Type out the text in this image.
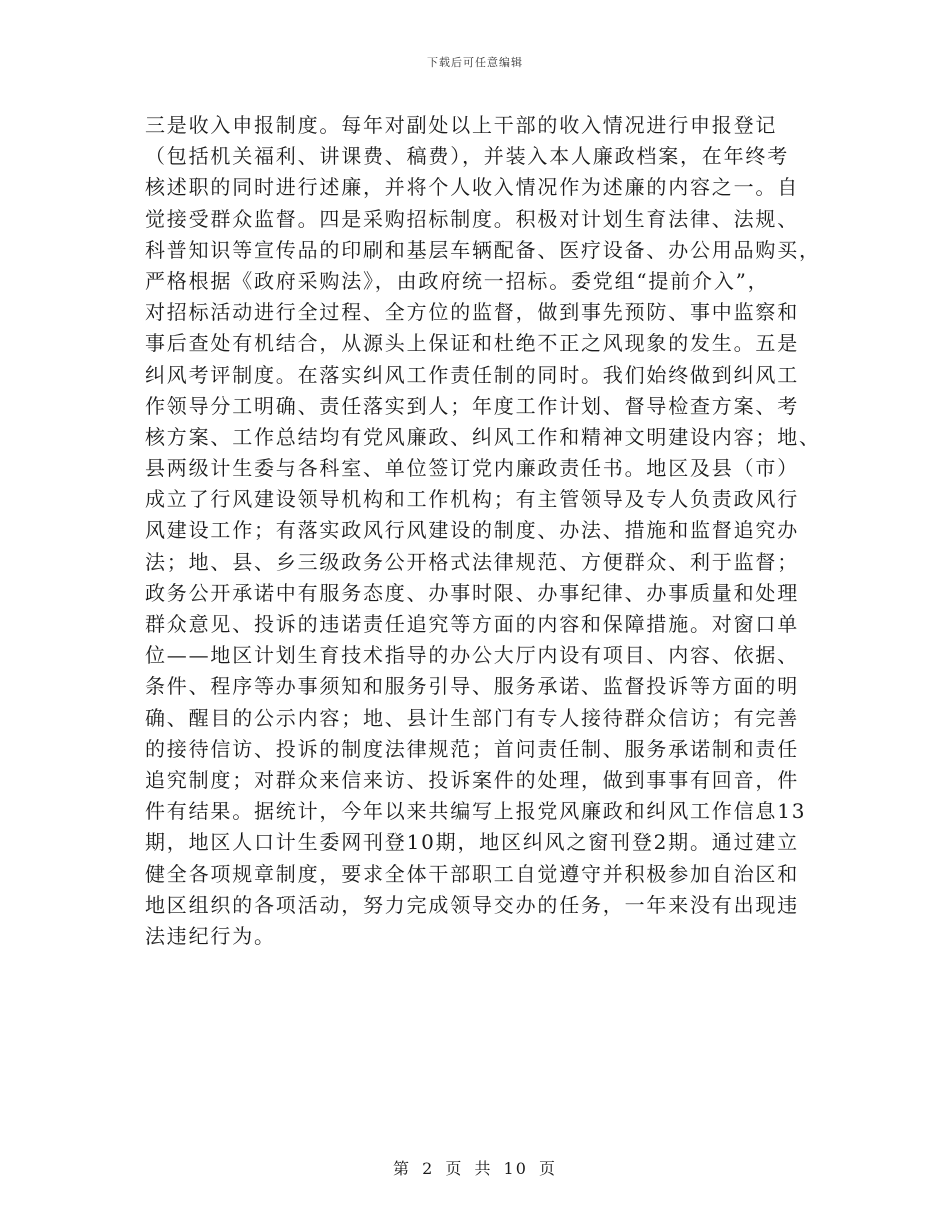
下载后可任意编辑
三是收入申报制度。每年对副处以上干部的收入情况进行申报登记
（包括机关福利、讲课费、稿费），并装入本人廉政档案，在年终考
核述职的同时进行述廉，并将个人收入情况作为述廉的内容之一。自
觉接受群众监督。四是采购招标制度。积极对计划生育法律、法规、
科普知识等宣传品的印刷和基层车辆配备、医疗设备、办公用品购买，
严格根据《政府采购法》，由政府统一招标。委党组“提前介入”，
对招标活动进行全过程、全方位的监督，做到事先预防、事中监察和
事后查处有机结合，从源头上保证和杜绝不正之风现象的发生。五是
纠风考评制度。在落实纠风工作责任制的同时。我们始终做到纠风工
作领导分工明确、责任落实到人；年度工作计划、督导检查方案、考
核方案、工作总结均有党风廉政、纠风工作和精神文明建设内容；地、
县两级计生委与各科室、单位签订党内廉政责任书。地区及县（市）
成立了行风建设领导机构和工作机构；有主管领导及专人负责政风行
风建设工作；有落实政风行风建设的制度、办法、措施和监督追究办
法；地、县、乡三级政务公开格式法律规范、方便群众、利于监督；
政务公开承诺中有服务态度、办事时限、办事纪律、办事质量和处理
群众意见、投诉的违诺责任追究等方面的内容和保障措施。对窗口单
位——地区计划生育技术指导的办公大厅内设有项目、内容、依据、
条件、程序等办事须知和服务引导、服务承诺、监督投诉等方面的明
确、醒目的公示内容；地、县计生部门有专人接待群众信访；有完善
的接待信访、投诉的制度法律规范；首问责任制、服务承诺制和责任
追究制度；对群众来信来访、投诉案件的处理，做到事事有回音，件
件有结果。据统计，今年以来共编写上报党风廉政和纠风工作信息13
期，地区人口计生委网刊登10期，地区纠风之窗刊登2期。通过建立
健全各项规章制度，要求全体干部职工自觉遵守并积极参加自治区和
地区组织的各项活动，努力完成领导交办的任务，一年来没有出现违
法违纪行为。
第 2 页 共 10 页
